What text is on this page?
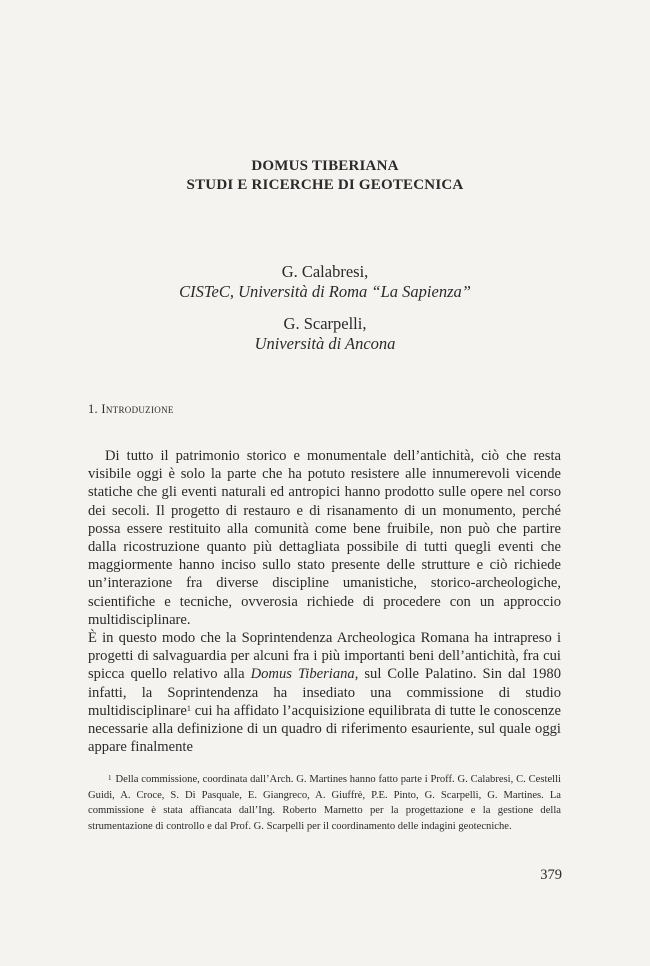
DOMUS TIBERIANA
STUDI E RICERCHE DI GEOTECNICA
G. Calabresi,
CISTeC, Università di Roma “La Sapienza”
G. Scarpelli,
Università di Ancona
1. Introduzione

Di tutto il patrimonio storico e monumentale dell’antichità, ciò che resta visibile oggi è solo la parte che ha potuto resistere alle innumerevoli vicende statiche che gli eventi naturali ed antropici hanno prodotto sulle opere nel corso dei secoli. Il progetto di restauro e di risanamento di un monumento, perché possa essere restituito alla comunità come bene fruibile, non può che partire dalla ricostruzione quanto più dettagliata possibile di tutti quegli eventi che maggiormente hanno inciso sullo stato presente delle strutture e ciò richiede un’interazione fra diverse discipline umanistiche, storico-archeologiche, scientifiche e tecniche, ovverosia richiede di procedere con un approccio multidisciplinare.

È in questo modo che la Soprintendenza Archeologica Romana ha intrapreso i progetti di salvaguardia per alcuni fra i più importanti beni dell’antichità, fra cui spicca quello relativo alla Domus Tiberiana, sul Colle Palatino. Sin dal 1980 infatti, la Soprintendenza ha insediato una commissione di studio multidisciplinare$^1$ cui ha affidato l’acquisizione equilibrata di tutte le conoscenze necessarie alla definizione di un quadro di riferimento esauriente, sul quale oggi appare finalmente

$^1$ Della commissione, coordinata dall’Arch. G. Martines hanno fatto parte i Proff. G. Calabresi, C. Cestelli Guidi, A. Croce, S. Di Pasquale, E. Giangreco, A. Giuffrè, P.E. Pinto, G. Scarpelli, G. Martines. La commissione è stata affiancata dall’Ing. Roberto Marnetto per la progettazione e la gestione della strumentazione di controllo e dal Prof. G. Scarpelli per il coordinamento delle indagini geotecniche.

379
